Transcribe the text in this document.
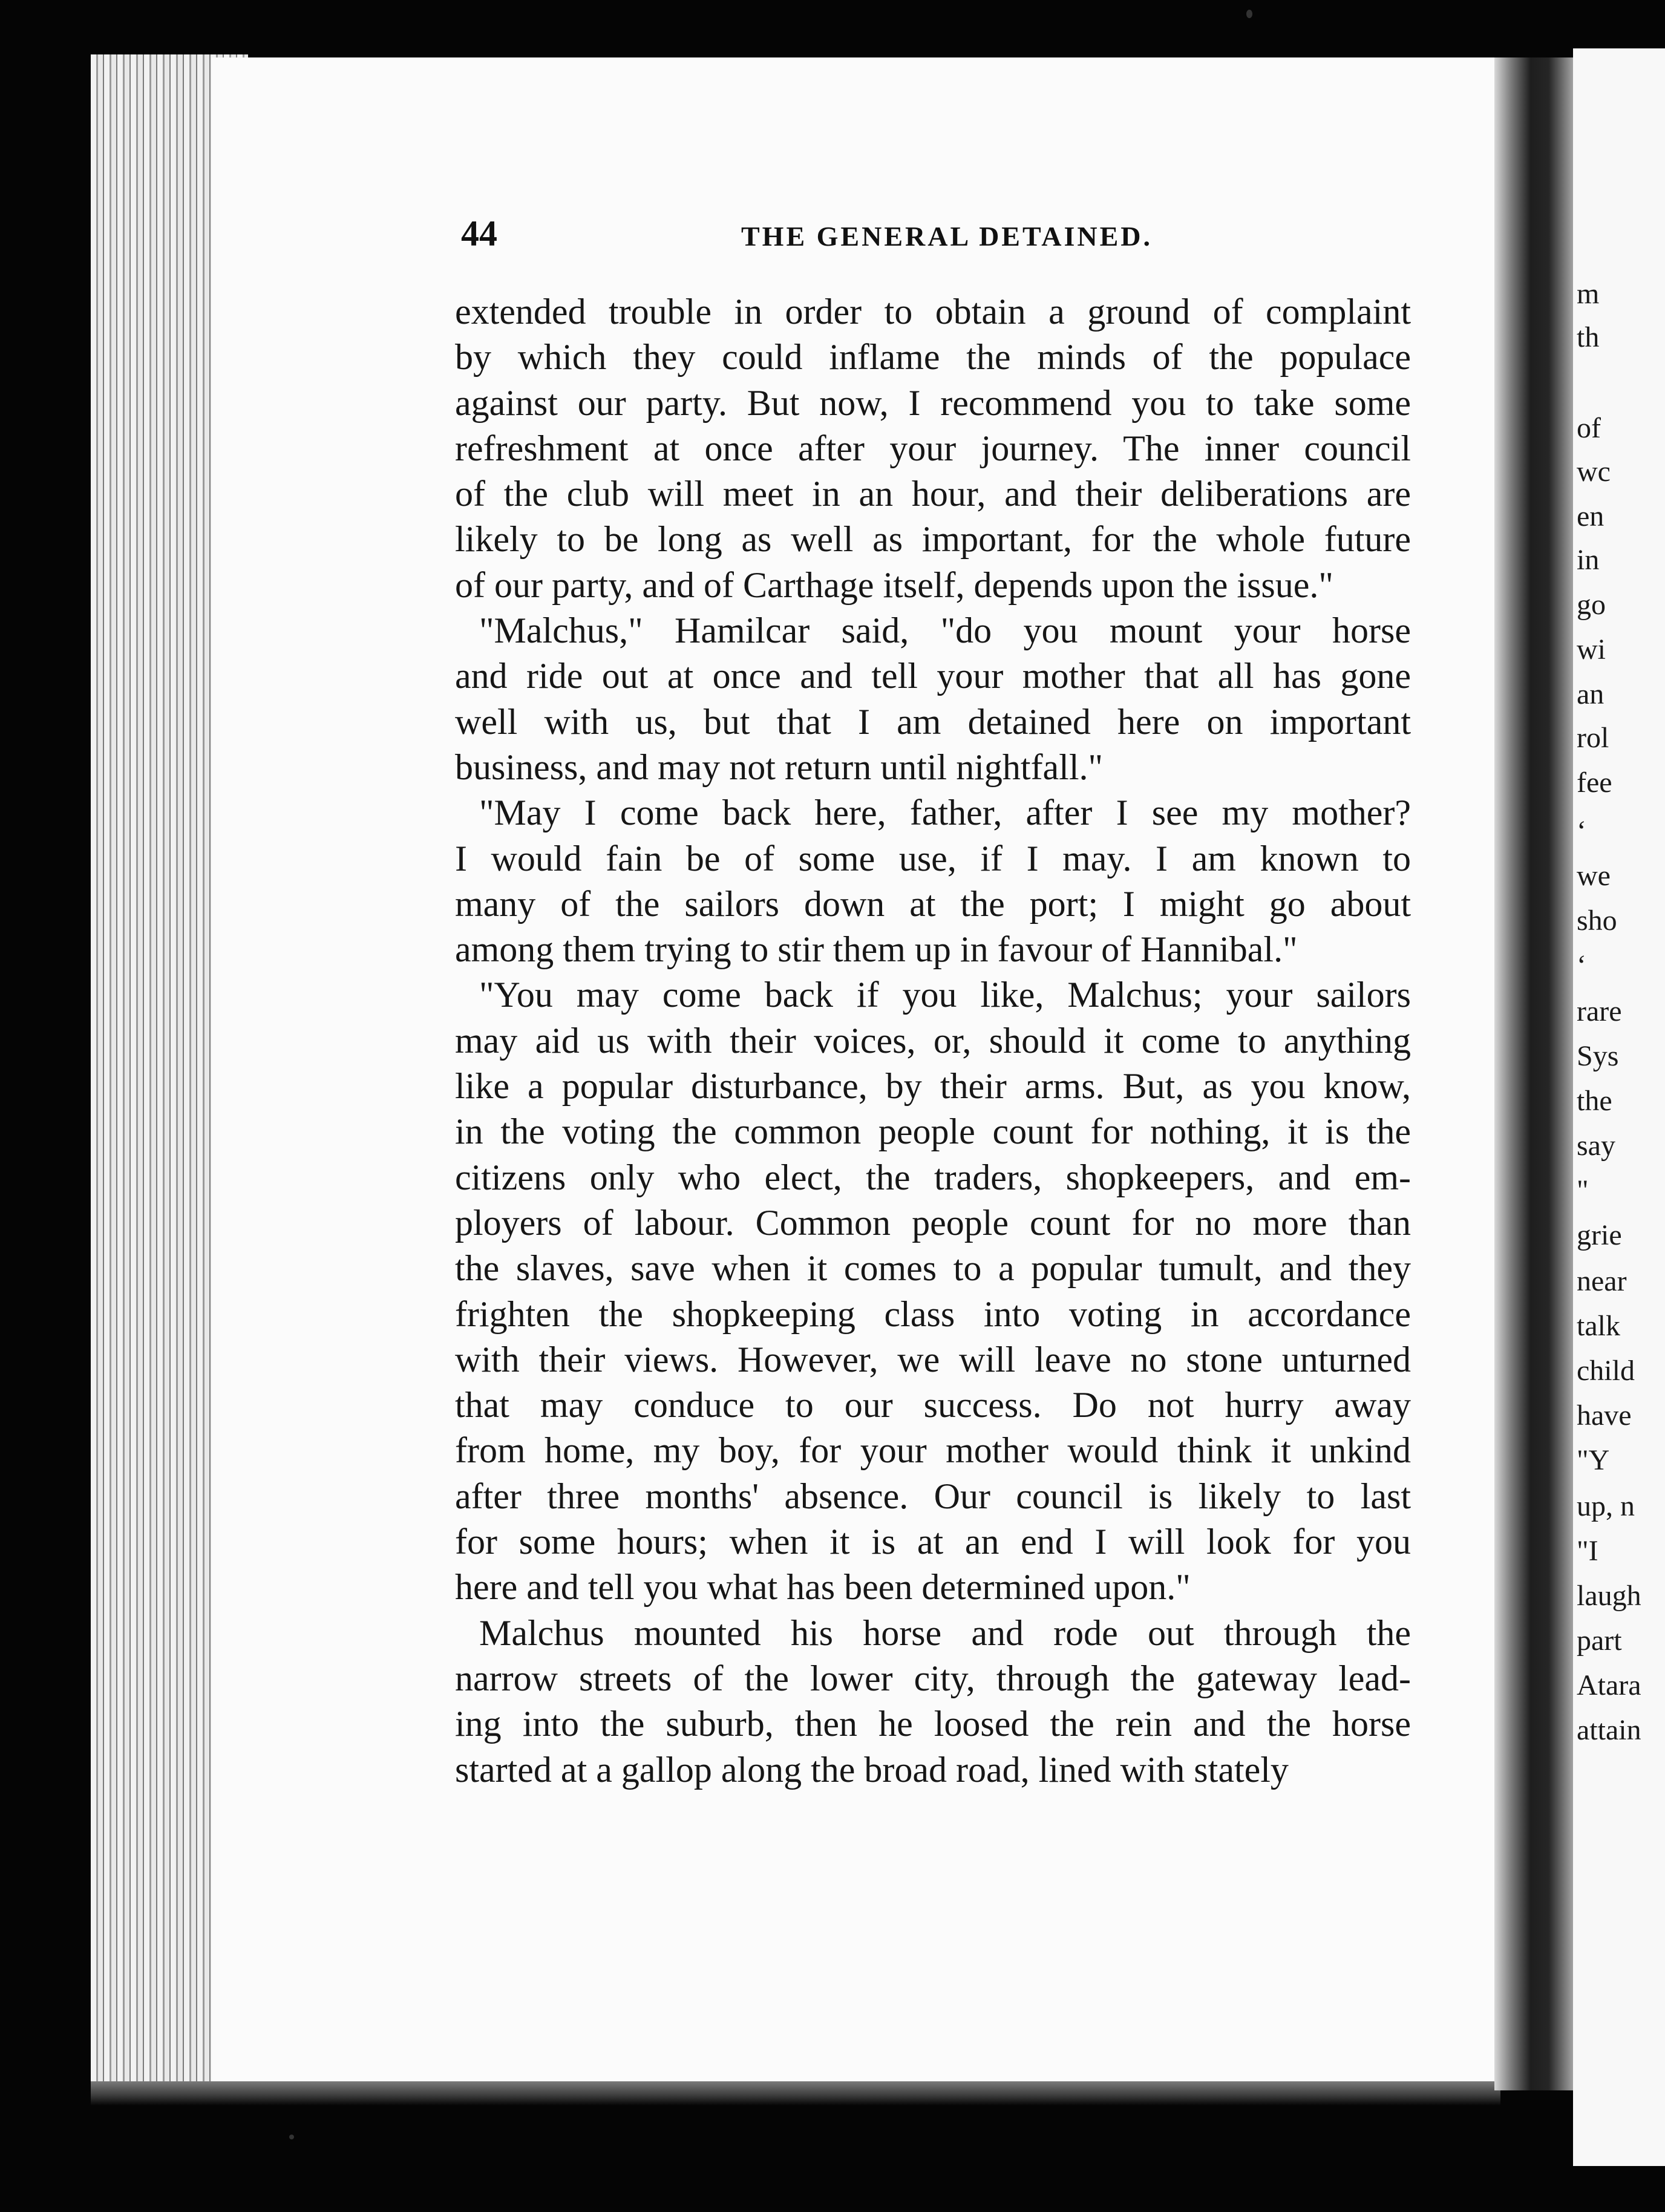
m
th
of
wc
en
in
go
wi
an
rol
fee
‘
we
sho
‘
rare
Sys
the
say
"
grie
near
talk
child
have
"Y
up, n
"I
laugh
part
Atara
attain
44	THE GENERAL DETAINED.
extended trouble in order to obtain a ground of complaint
by which they could inflame the minds of the populace
against our party. But now, I recommend you to take some
refreshment at once after your journey. The inner council
of the club will meet in an hour, and their deliberations are
likely to be long as well as important, for the whole future
of our party, and of Carthage itself, depends upon the issue."
"Malchus," Hamilcar said, "do you mount your horse
and ride out at once and tell your mother that all has gone
well with us, but that I am detained here on important
business, and may not return until nightfall."
"May I come back here, father, after I see my mother?
I would fain be of some use, if I may. I am known to
many of the sailors down at the port; I might go about
among them trying to stir them up in favour of Hannibal."
"You may come back if you like, Malchus; your sailors
may aid us with their voices, or, should it come to anything
like a popular disturbance, by their arms. But, as you know,
in the voting the common people count for nothing, it is the
citizens only who elect, the traders, shopkeepers, and em-
ployers of labour. Common people count for no more than
the slaves, save when it comes to a popular tumult, and they
frighten the shopkeeping class into voting in accordance
with their views. However, we will leave no stone unturned
that may conduce to our success. Do not hurry away
from home, my boy, for your mother would think it unkind
after three months' absence. Our council is likely to last
for some hours; when it is at an end I will look for you
here and tell you what has been determined upon."
Malchus mounted his horse and rode out through the
narrow streets of the lower city, through the gateway lead-
ing into the suburb, then he loosed the rein and the horse
started at a gallop along the broad road, lined with stately
